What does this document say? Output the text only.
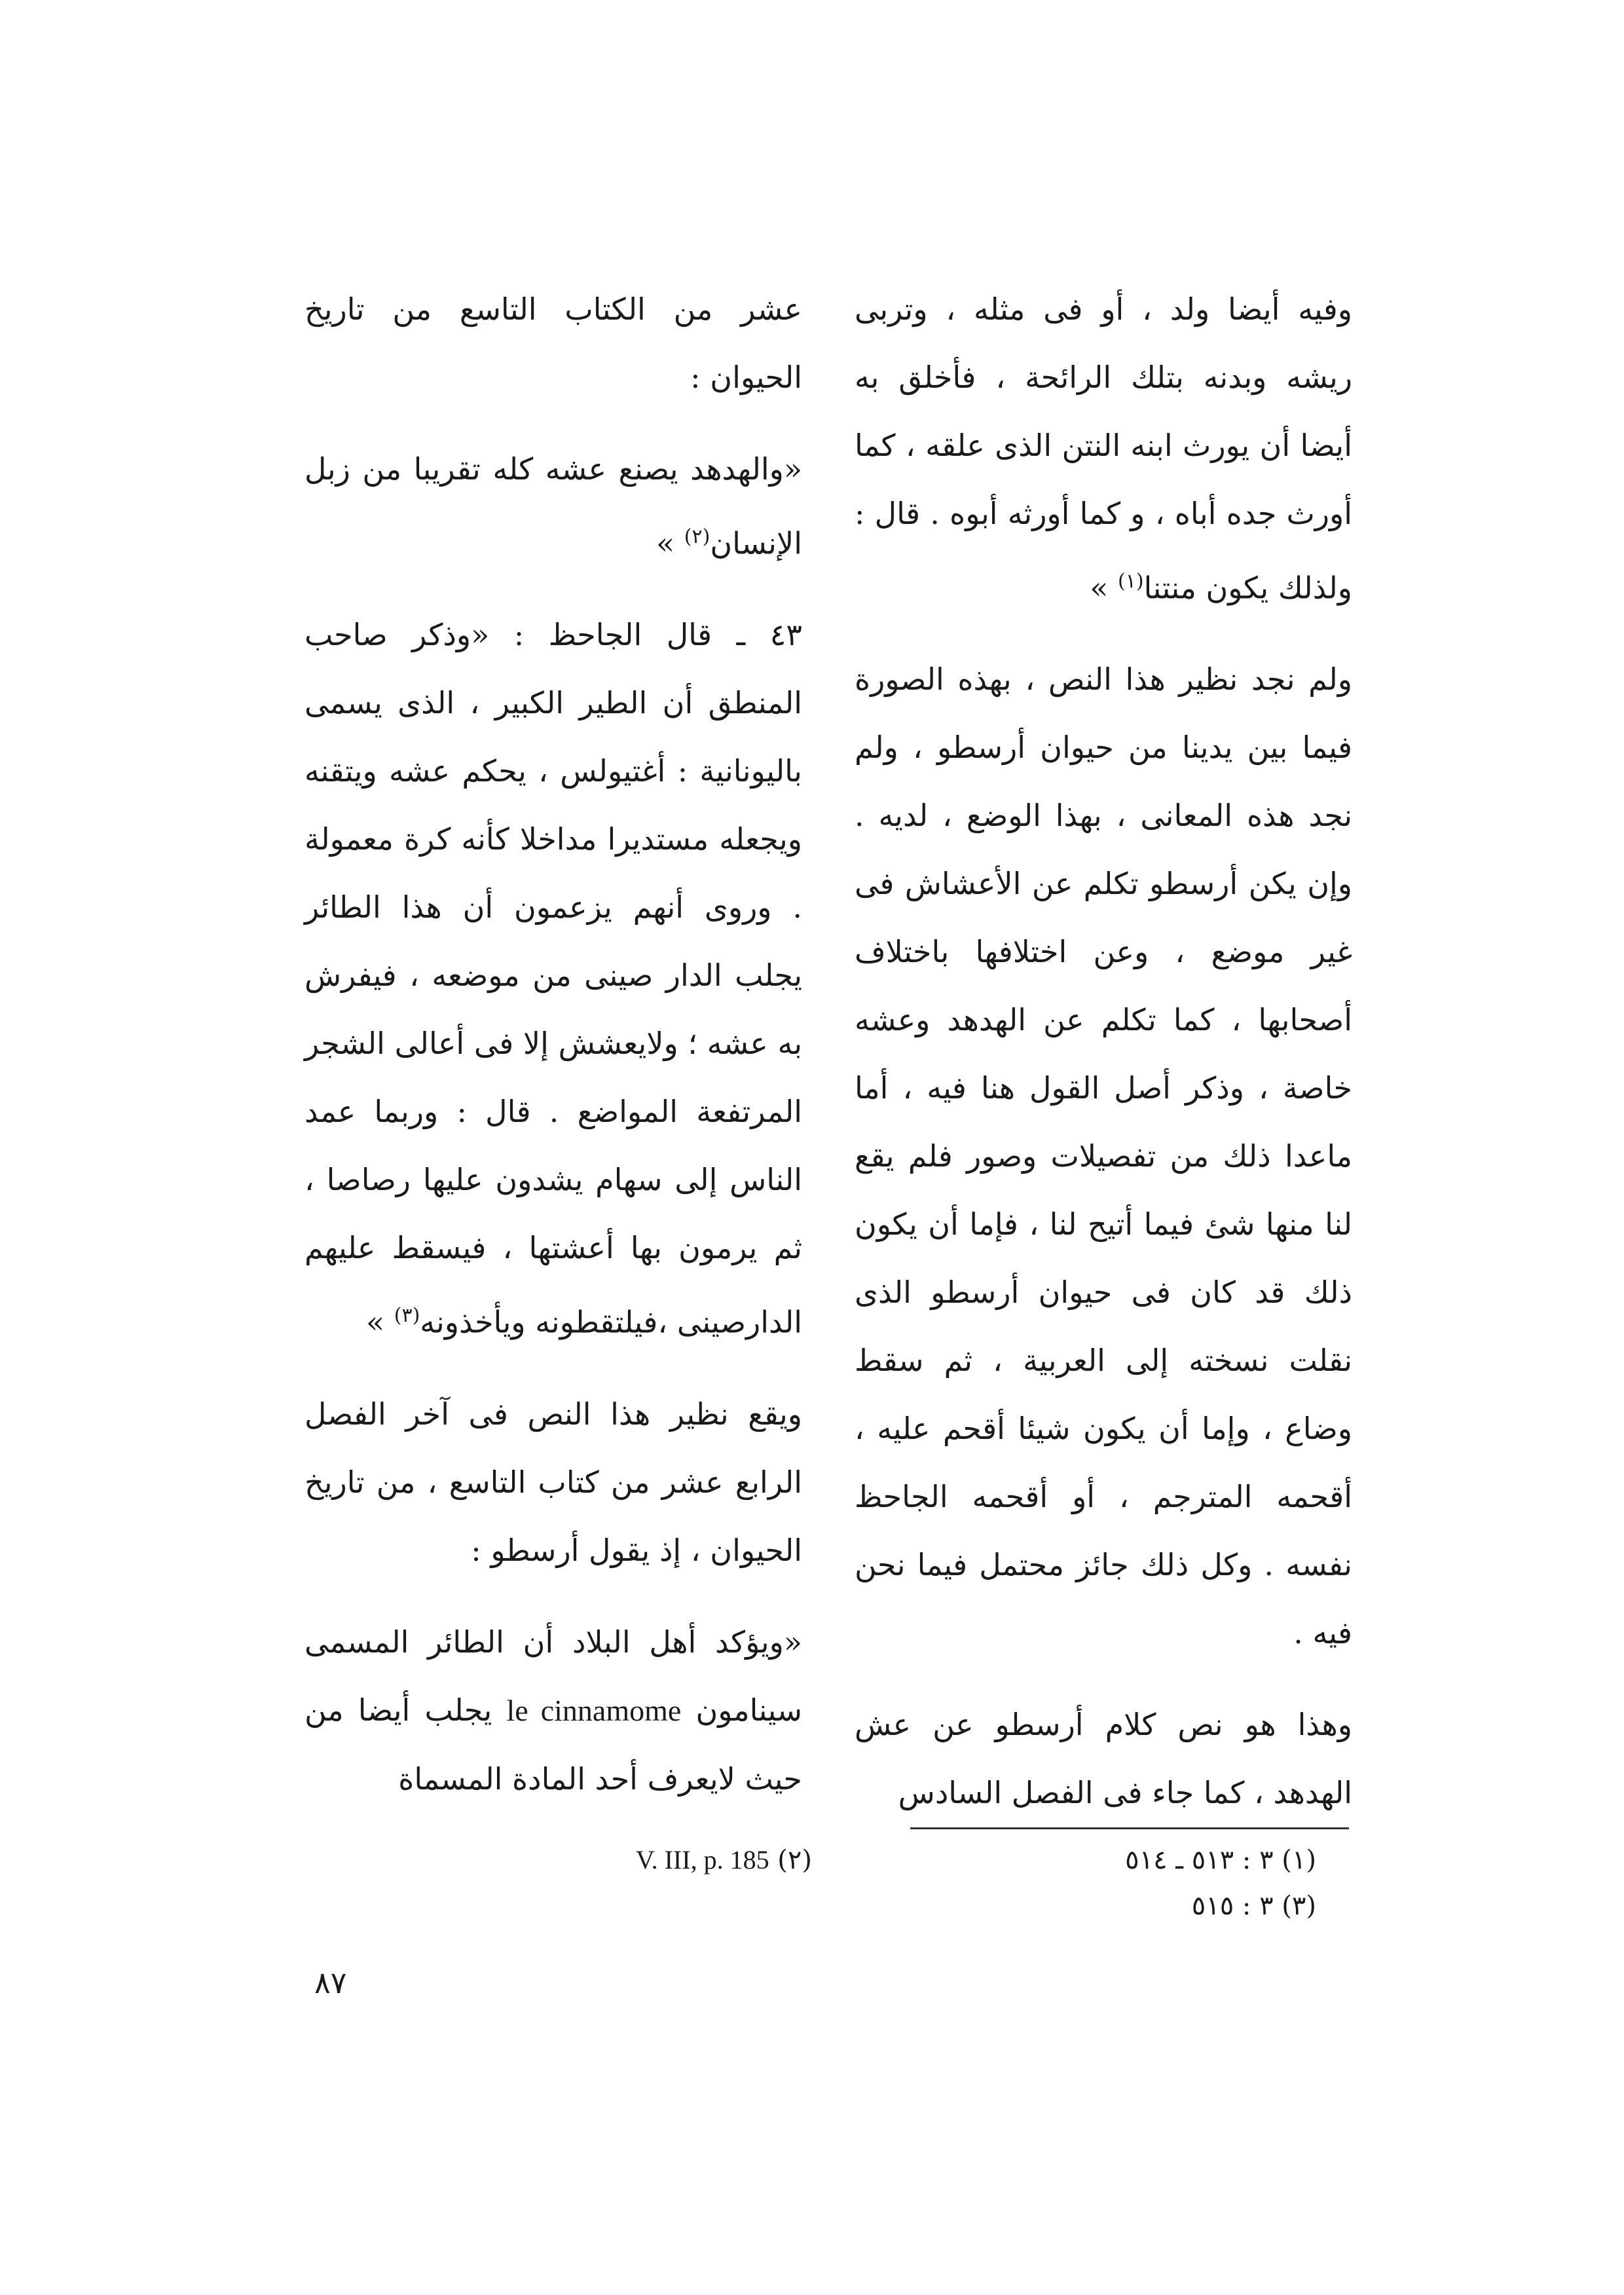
وفيه أيضا ولد ، أو فى مثله ، وتربى ريشه وبدنه بتلك الرائحة ، فأخلق به أيضا أن يورث ابنه النتن الذى علقه ، كما أورث جده أباه ، و كما أورثه أبوه . قال : ولذلك يكون منتنا$^{(١)}$ »

ولم نجد نظير هذا النص ، بهذه الصورة فيما بين يدينا من حيوان أرسطو ، ولم نجد هذه المعانى ، بهذا الوضع ، لديه . وإن يكن أرسطو تكلم عن الأعشاش فى غير موضع ، وعن اختلافها باختلاف أصحابها ، كما تكلم عن الهدهد وعشه خاصة ، وذكر أصل القول هنا فيه ، أما ماعدا ذلك من تفصيلات وصور فلم يقع لنا منها شئ فيما أتيح لنا ، فإما أن يكون ذلك قد كان فى حيوان أرسطو الذى نقلت نسخته إلى العربية ، ثم سقط وضاع ، وإما أن يكون شيئا أقحم عليه ، أقحمه المترجم ، أو أقحمه الجاحظ نفسه . وكل ذلك جائز محتمل فيما نحن فيه .

وهذا هو نص كلام أرسطو عن عش الهدهد ، كما جاء فى الفصل السادس

عشر من الكتاب التاسع من تاريخ الحيوان :

«والهدهد يصنع عشه كله تقريبا من زبل الإنسان$^{(٢)}$ »

٤٣ ـ قال الجاحظ : «وذكر صاحب المنطق أن الطير الكبير ، الذى يسمى باليونانية : أغتيولس ، يحكم عشه ويتقنه ويجعله مستديرا مداخلا كأنه كرة معمولة . وروى أنهم يزعمون أن هذا الطائر يجلب الدار صينى من موضعه ، فيفرش به عشه ؛ ولايعشش إلا فى أعالى الشجر المرتفعة المواضع . قال : وربما عمد الناس إلى سهام يشدون عليها رصاصا ، ثم يرمون بها أعشتها ، فيسقط عليهم الدارصينى ،فيلتقطونه ويأخذونه$^{(٣)}$ »

ويقع نظير هذا النص فى آخر الفصل الرابع عشر من كتاب التاسع ، من تاريخ الحيوان ، إذ يقول أرسطو :

«ويؤكد أهل البلاد أن الطائر المسمى سينامون le cinnamome يجلب أيضا من حيث لايعرف أحد المادة المسماة

(١) ٣ : ٥١٣ ـ ٥١٤

(٣) ٣ : ٥١٥

(٢) V. III, p. 185

٨٧
